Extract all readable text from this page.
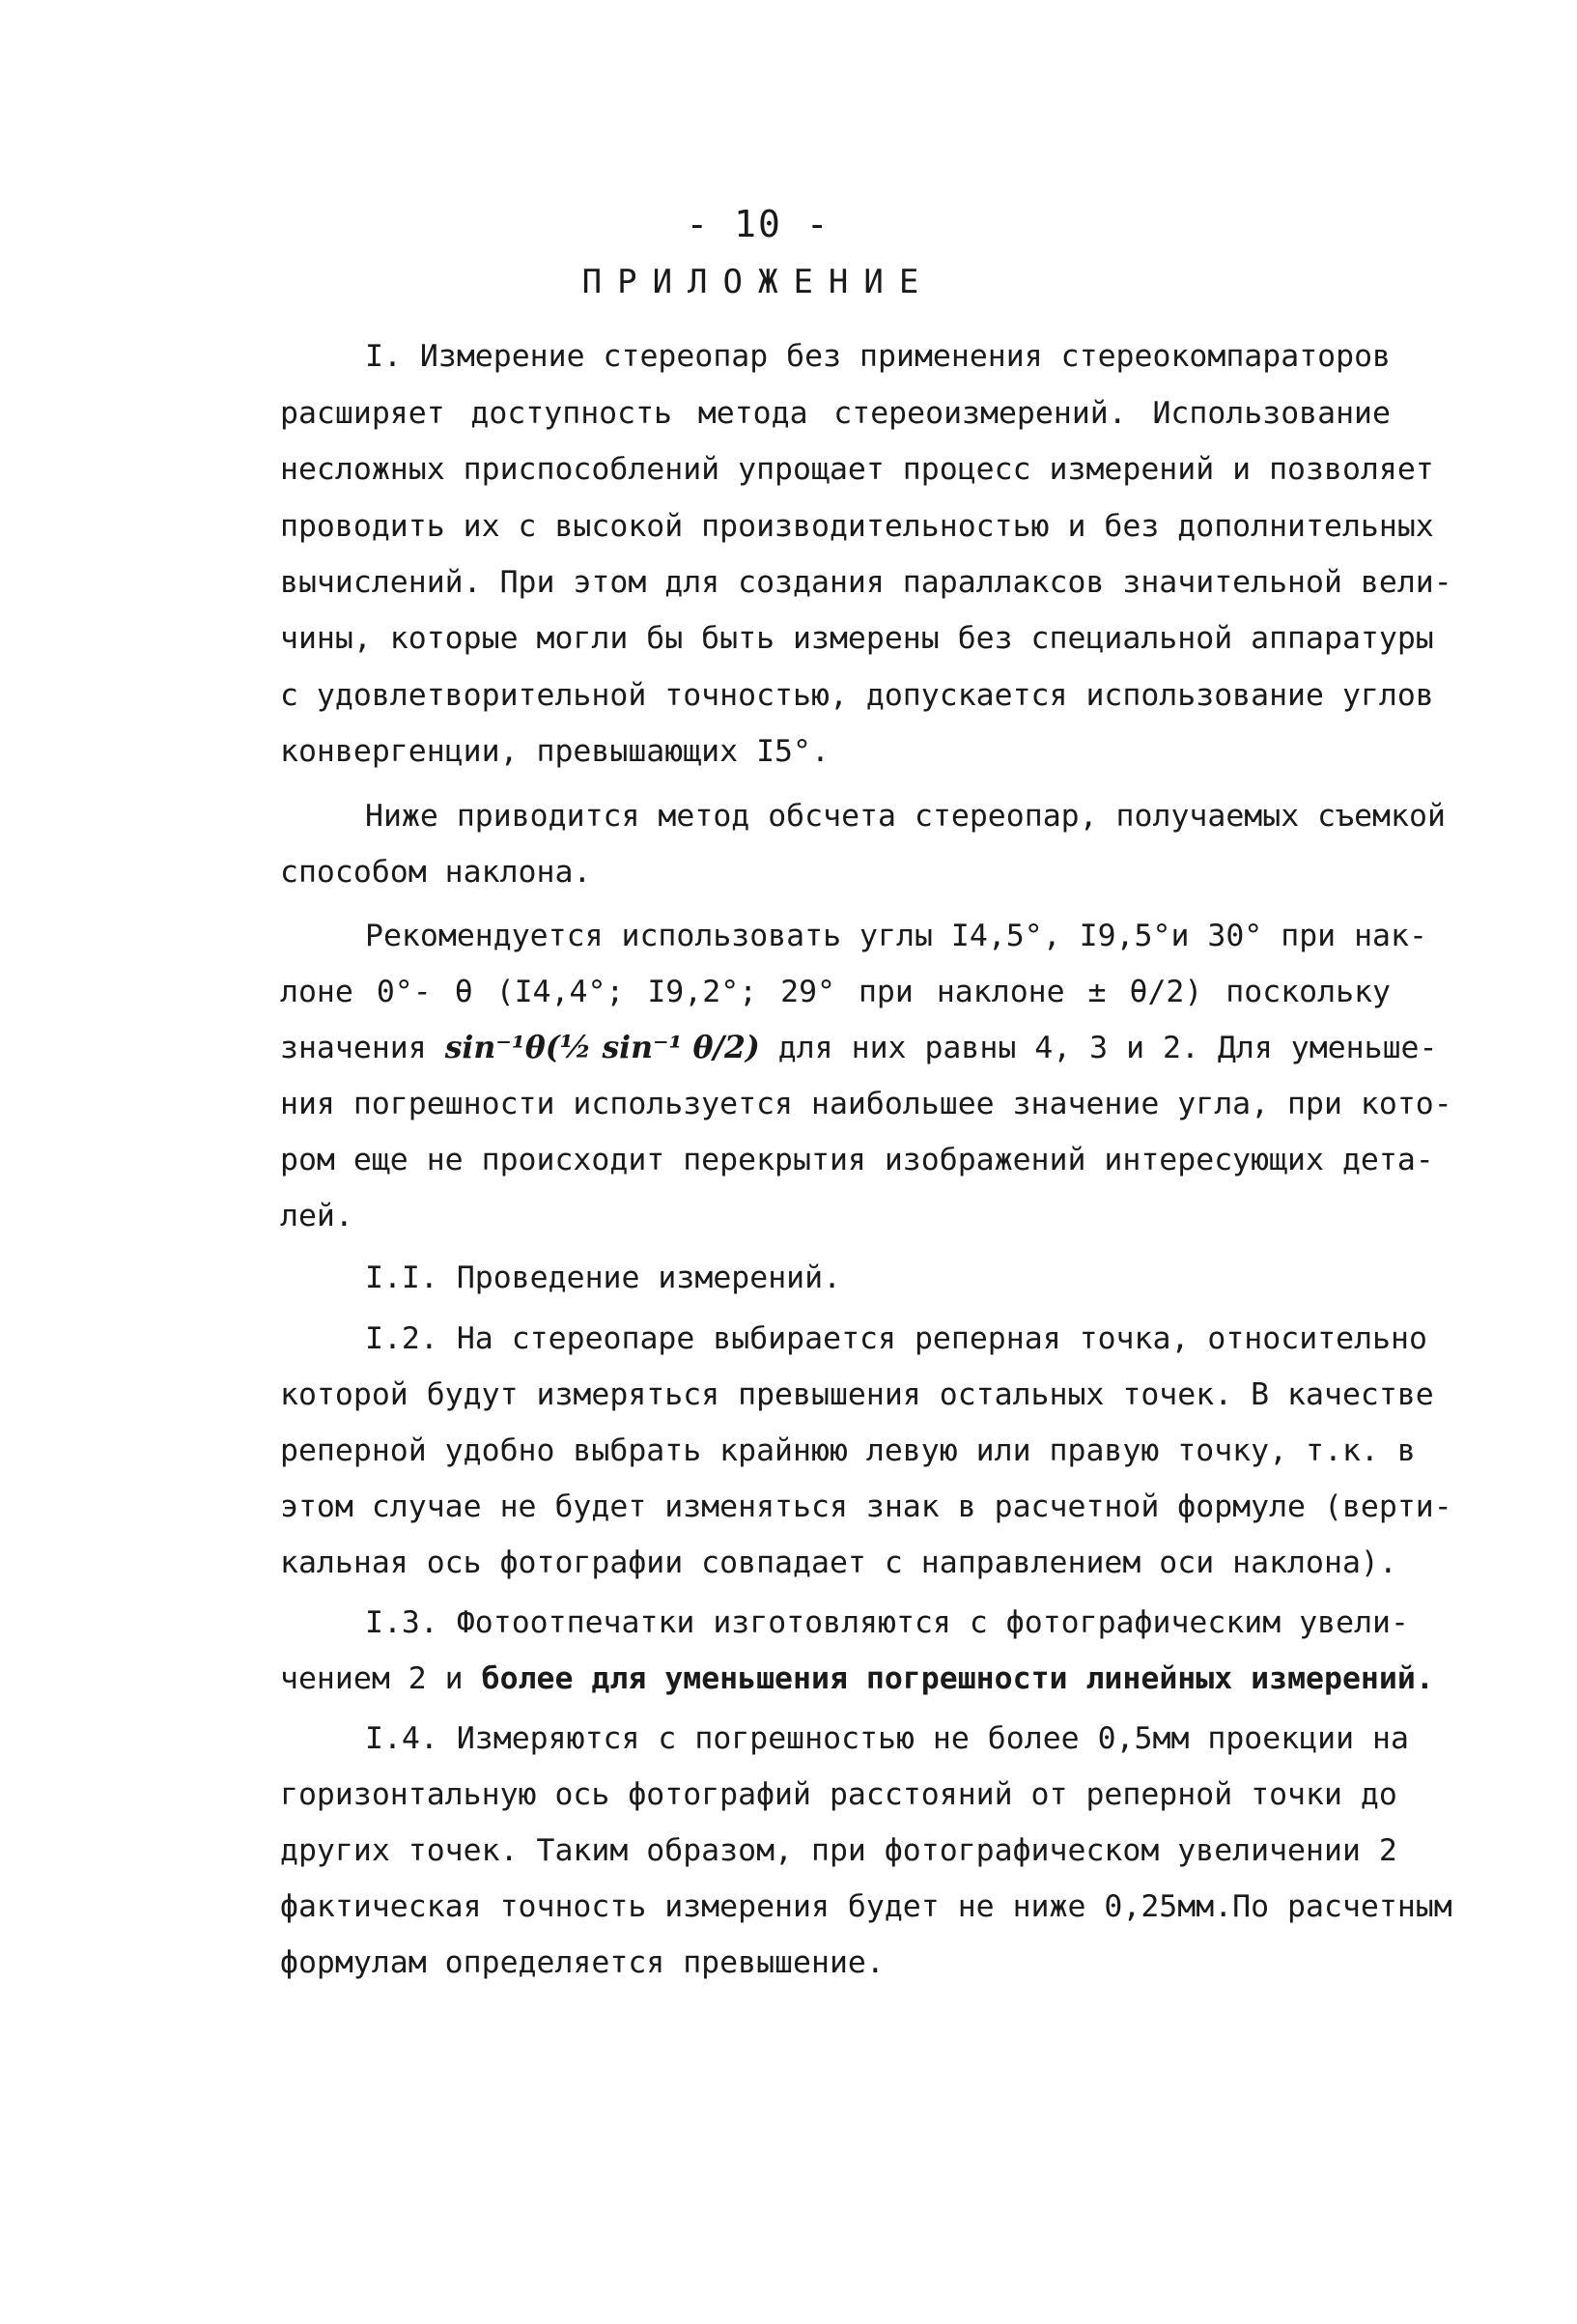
- 10 -
ПРИЛОЖЕНИЕ
I. Измерение стереопар без применения стереокомпараторов
расширяет доступность метода стереоизмерений. Использование
несложных приспособлений упрощает процесс измерений и позволяет
проводить их с высокой производительностью и без дополнительных
вычислений. При этом для создания параллаксов значительной вели-
чины, которые могли бы быть измерены без специальной аппаратуры
с удовлетворительной точностью, допускается использование углов
конвергенции, превышающих I5°.
Ниже приводится метод обсчета стереопар, получаемых съемкой
способом наклона.
Рекомендуется использовать углы I4,5°, I9,5°и 30° при нак-
лоне 0°- θ (I4,4°; I9,2°; 29° при наклоне ± θ/2) поскольку
значения sin⁻¹θ(½ sin⁻¹ θ/2) для них равны 4, 3 и 2. Для уменьше-
ния погрешности используется наибольшее значение угла, при кото-
ром еще не происходит перекрытия изображений интересующих дета-
лей.
I.I. Проведение измерений.
I.2. На стереопаре выбирается реперная точка, относительно
которой будут измеряться превышения остальных точек. В качестве
реперной удобно выбрать крайнюю левую или правую точку, т.к. в
этом случае не будет изменяться знак в расчетной формуле (верти-
кальная ось фотографии совпадает с направлением оси наклона).
I.3. Фотоотпечатки изготовляются с фотографическим увели-
чением 2 и более для уменьшения погрешности линейных измерений.
I.4. Измеряются с погрешностью не более 0,5мм проекции на
горизонтальную ось фотографий расстояний от реперной точки до
других точек. Таким образом, при фотографическом увеличении 2
фактическая точность измерения будет не ниже 0,25мм.По расчетным
формулам определяется превышение.
